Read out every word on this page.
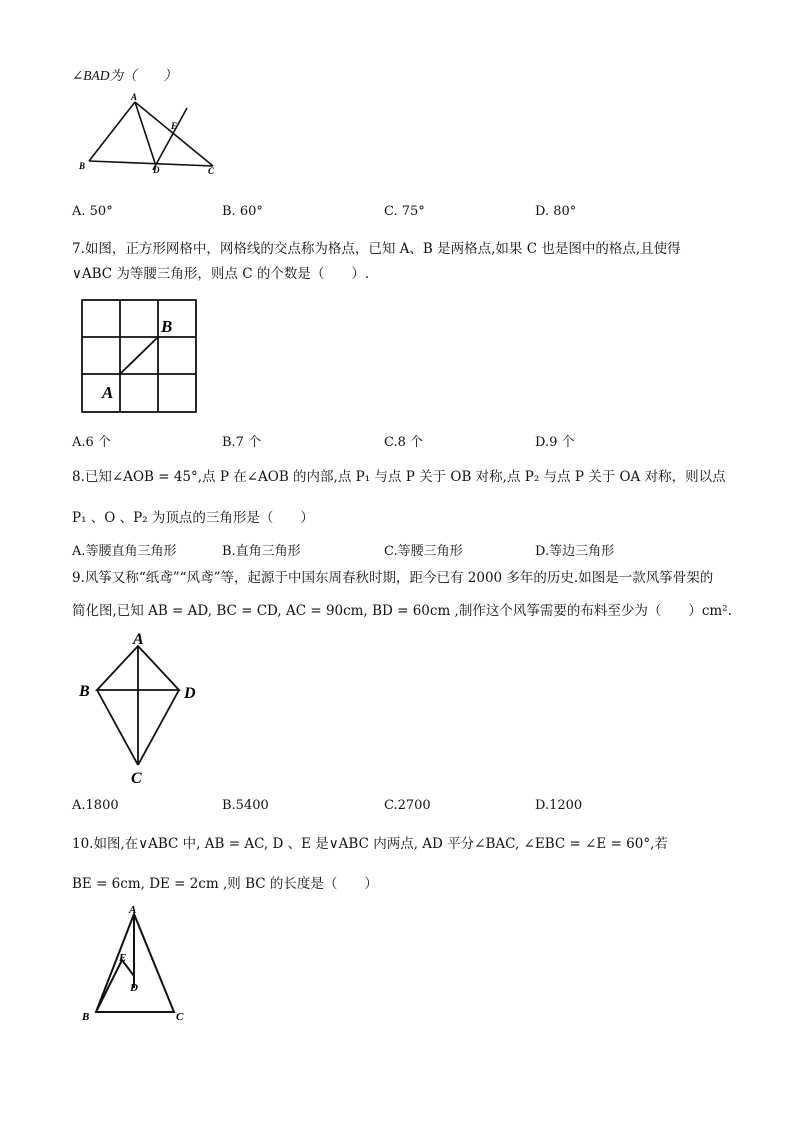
∠BAD为（　　）
A
B	D	C
E
A. 50°	B. 60°	C. 75°	D. 80°
7.如图，正方形网格中，网格线的交点称为格点，已知 A、B 是两格点,如果 C 也是图中的格点,且使得
∨ABC 为等腰三角形，则点 C 的个数是（　　）.
B
A
A.6 个	B.7 个	C.8 个	D.9 个
8.已知∠AOB = 45°,点 P 在∠AOB 的内部,点 P₁ 与点 P 关于 OB 对称,点 P₂ 与点 P 关于 OA 对称，则以点
P₁ 、O 、P₂ 为顶点的三角形是（　　）
A.等腰直角三角形	B.直角三角形	C.等腰三角形	D.等边三角形
9.风筝又称“纸鸢”“风鸢”等，起源于中国东周春秋时期，距今已有 2000 多年的历史.如图是一款风筝骨架的
简化图,已知 AB = AD, BC = CD, AC = 90cm, BD = 60cm ,制作这个风筝需要的布料至少为（　　）cm².
A
B	D
C
A.1800	B.5400	C.2700	D.1200
10.如图,在∨ABC 中, AB = AC, D 、E 是∨ABC 内两点, AD 平分∠BAC, ∠EBC = ∠E = 60°,若
BE = 6cm, DE = 2cm ,则 BC 的长度是（　　）
A
B	C
E
D
